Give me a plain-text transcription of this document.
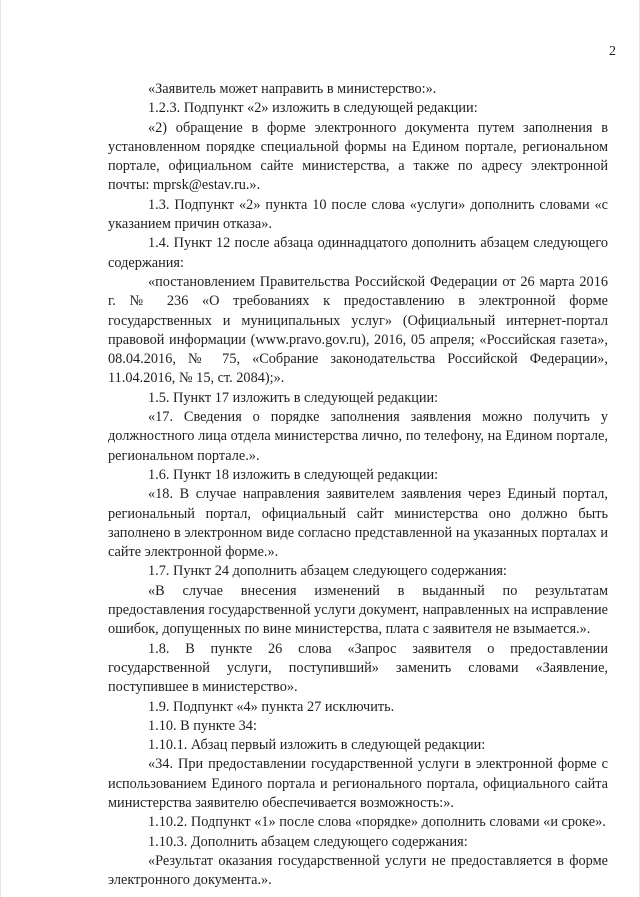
2

«Заявитель может направить в министерство:».

1.2.3. Подпункт «2» изложить в следующей редакции:

«2) обращение в форме электронного документа путем заполнения в установленном порядке специальной формы на Едином портале, региональном портале, официальном сайте министерства, а также по адресу электронной почты: mprsk@estav.ru.».

1.3. Подпункт «2» пункта 10 после слова «услуги» дополнить словами «с указанием причин отказа».

1.4. Пункт 12 после абзаца одиннадцатого дополнить абзацем следующего содержания:

«постановлением Правительства Российской Федерации от 26 марта 2016 г. № 236 «О требованиях к предоставлению в электронной форме государственных и муниципальных услуг» (Официальный интернет-портал правовой информации (www.pravo.gov.ru), 2016, 05 апреля; «Российская газета», 08.04.2016, № 75, «Собрание законодательства Российской Федерации», 11.04.2016, № 15, ст. 2084);».

1.5. Пункт 17 изложить в следующей редакции:

«17. Сведения о порядке заполнения заявления можно получить у должностного лица отдела министерства лично, по телефону, на Едином портале, региональном портале.».

1.6. Пункт 18 изложить в следующей редакции:

«18. В случае направления заявителем заявления через Единый портал, региональный портал, официальный сайт министерства оно должно быть заполнено в электронном виде согласно представленной на указанных порталах и сайте электронной форме.».

1.7. Пункт 24 дополнить абзацем следующего содержания:

«В случае внесения изменений в выданный по результатам предоставления государственной услуги документ, направленных на исправление ошибок, допущенных по вине министерства, плата с заявителя не взымается.».

1.8. В пункте 26 слова «Запрос заявителя о предоставлении государственной услуги, поступивший» заменить словами «Заявление, поступившее в министерство».

1.9. Подпункт «4» пункта 27 исключить.

1.10. В пункте 34:

1.10.1. Абзац первый изложить в следующей редакции:

«34. При предоставлении государственной услуги в электронной форме с использованием Единого портала и регионального портала, официального сайта министерства заявителю обеспечивается возможность:».

1.10.2. Подпункт «1» после слова «порядке» дополнить словами «и сроке».

1.10.3. Дополнить абзацем следующего содержания:

«Результат оказания государственной услуги не предоставляется в форме электронного документа.».
